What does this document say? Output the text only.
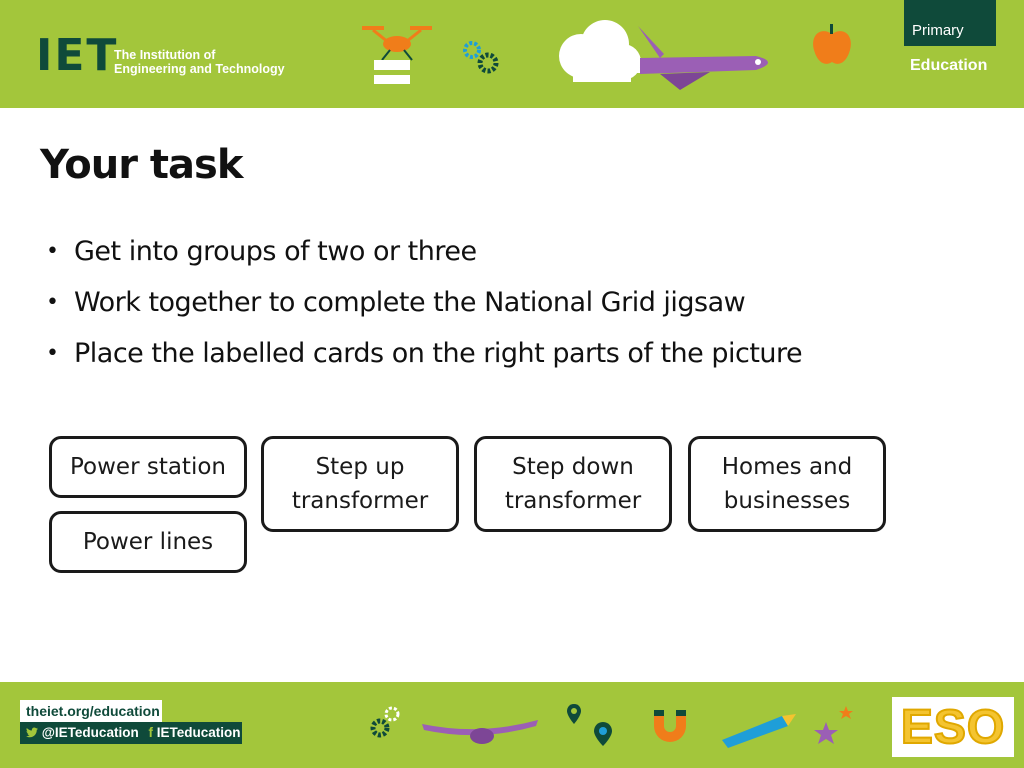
IET
The Institution of
Engineering and Technology
Primary
Education
Your task
• Get into groups of two or three
• Work together to complete the National Grid jigsaw
• Place the labelled cards on the right parts of the picture
Power station	Step up
transformer
Step down
transformer
Homes and
businesses
Power lines
theiet.org/education
@IETeducation f IETeducation	ESO
